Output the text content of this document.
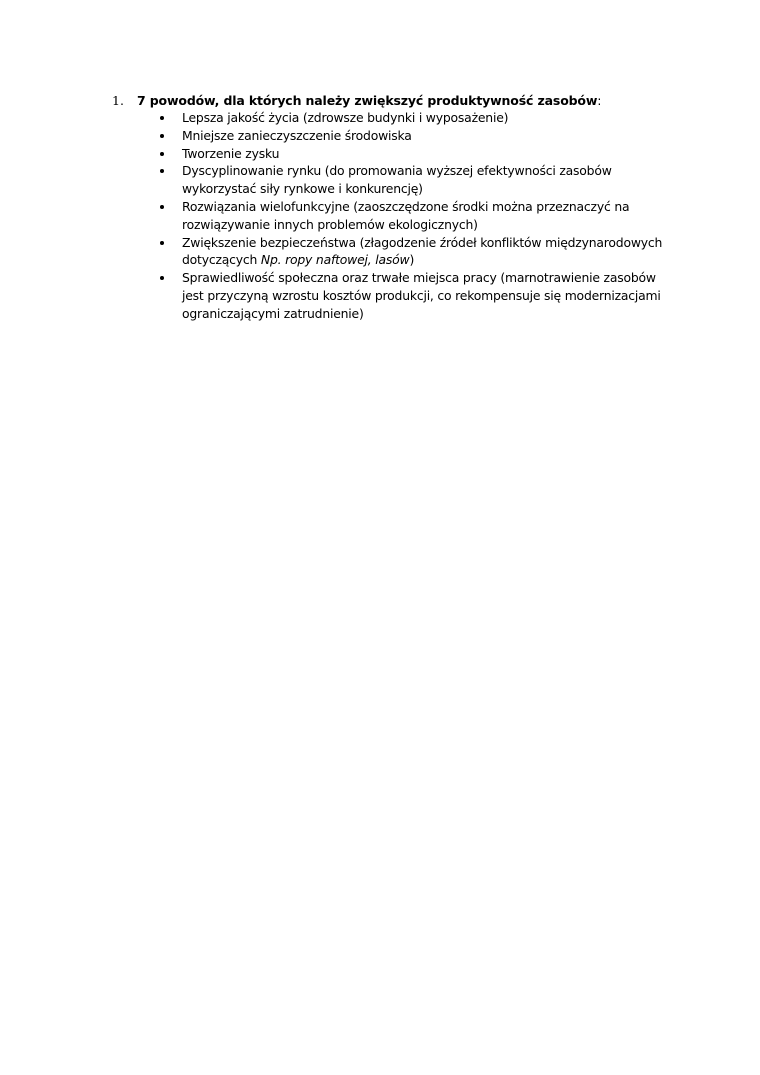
1. 7 powodów, dla których należy zwiększyć produktywność zasobów:
Lepsza jakość życia (zdrowsze budynki i wyposażenie)
Mniejsze zanieczyszczenie środowiska
Tworzenie zysku
Dyscyplinowanie rynku (do promowania wyższej efektywności zasobów
wykorzystać siły rynkowe i konkurencję)
Rozwiązania wielofunkcyjne (zaoszczędzone środki można przeznaczyć na
rozwiązywanie innych problemów ekologicznych)
Zwiększenie bezpieczeństwa (złagodzenie źródeł konfliktów międzynarodowych
dotyczących Np. ropy naftowej, lasów)
Sprawiedliwość społeczna oraz trwałe miejsca pracy (marnotrawienie zasobów
jest przyczyną wzrostu kosztów produkcji, co rekompensuje się modernizacjami
ograniczającymi zatrudnienie)
